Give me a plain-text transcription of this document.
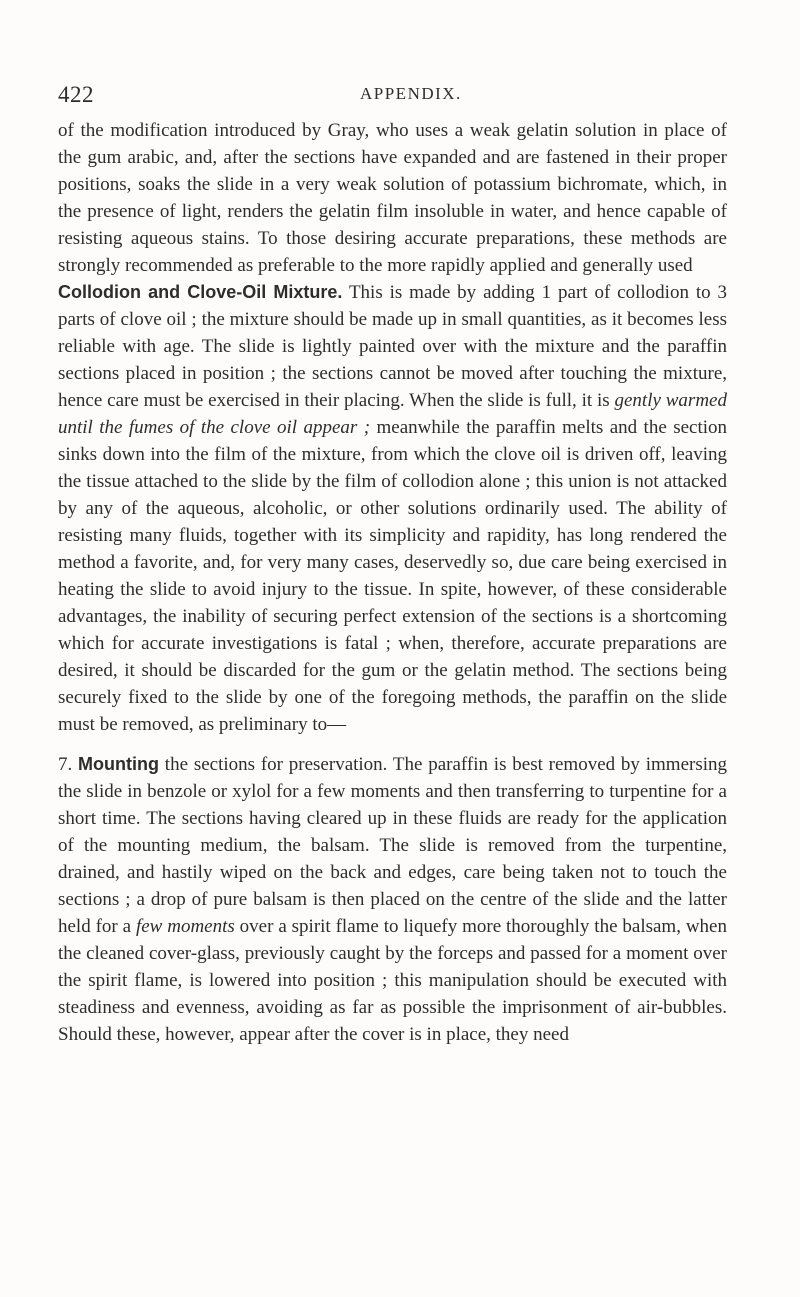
422	APPENDIX.

of the modification introduced by Gray, who uses a weak gelatin solution in place of the gum arabic, and, after the sections have expanded and are fastened in their proper positions, soaks the slide in a very weak solution of potassium bichromate, which, in the presence of light, renders the gelatin film insoluble in water, and hence capable of resisting aqueous stains. To those desiring accurate preparations, these methods are strongly recommended as preferable to the more rapidly applied and generally used

Collodion and Clove-Oil Mixture. This is made by adding 1 part of collodion to 3 parts of clove oil ; the mixture should be made up in small quantities, as it becomes less reliable with age. The slide is lightly painted over with the mixture and the paraffin sections placed in position ; the sections cannot be moved after touching the mixture, hence care must be exercised in their placing. When the slide is full, it is gently warmed until the fumes of the clove oil appear ; meanwhile the paraffin melts and the section sinks down into the film of the mixture, from which the clove oil is driven off, leaving the tissue attached to the slide by the film of collodion alone ; this union is not attacked by any of the aqueous, alcoholic, or other solutions ordinarily used. The ability of resisting many fluids, together with its simplicity and rapidity, has long rendered the method a favorite, and, for very many cases, deservedly so, due care being exercised in heating the slide to avoid injury to the tissue. In spite, however, of these considerable advantages, the inability of securing perfect extension of the sections is a shortcoming which for accurate investigations is fatal ; when, therefore, accurate preparations are desired, it should be discarded for the gum or the gelatin method. The sections being securely fixed to the slide by one of the foregoing methods, the paraffin on the slide must be removed, as preliminary to—

7. Mounting the sections for preservation. The paraffin is best removed by immersing the slide in benzole or xylol for a few moments and then transferring to turpentine for a short time. The sections having cleared up in these fluids are ready for the application of the mounting medium, the balsam. The slide is removed from the turpentine, drained, and hastily wiped on the back and edges, care being taken not to touch the sections ; a drop of pure balsam is then placed on the centre of the slide and the latter held for a few moments over a spirit flame to liquefy more thoroughly the balsam, when the cleaned cover-glass, previously caught by the forceps and passed for a moment over the spirit flame, is lowered into position ; this manipulation should be executed with steadiness and evenness, avoiding as far as possible the imprisonment of air-bubbles. Should these, however, appear after the cover is in place, they need
